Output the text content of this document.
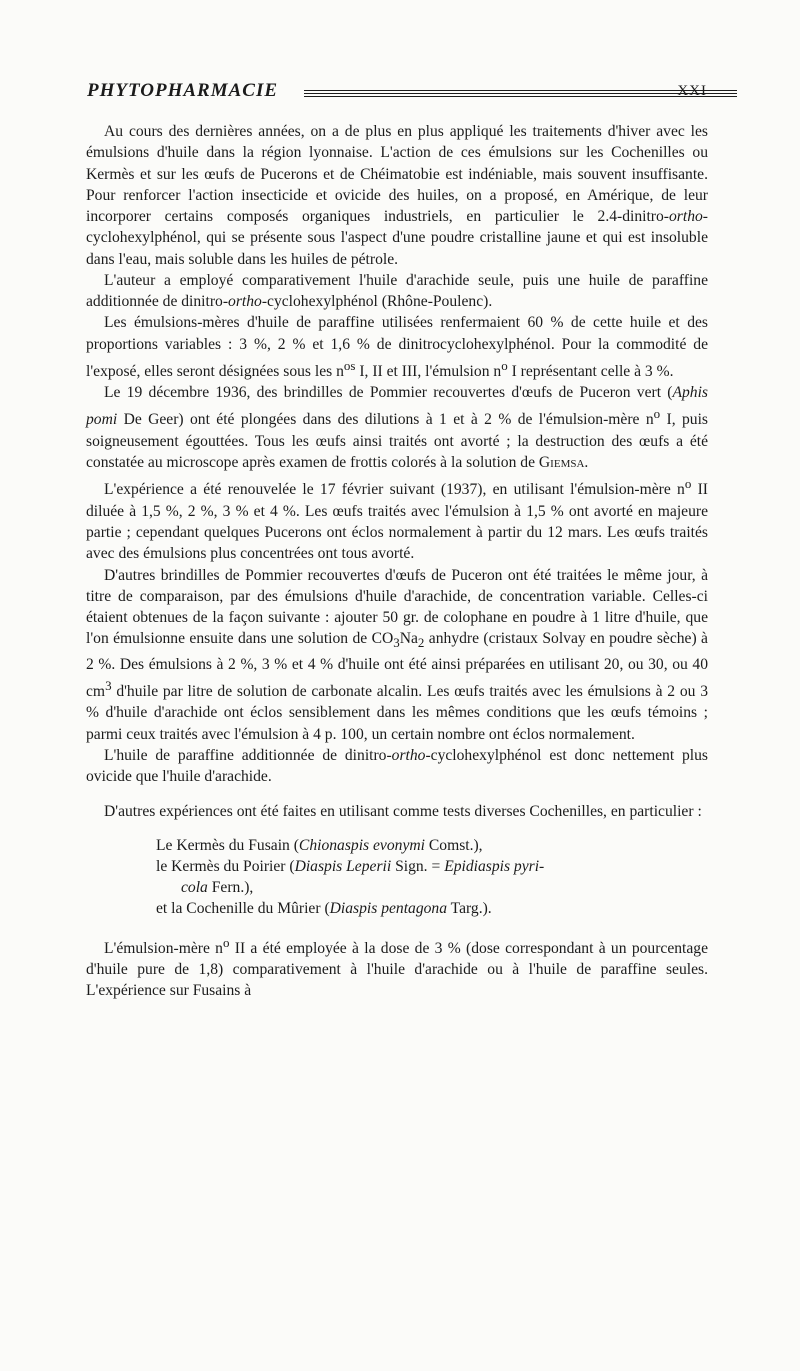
PHYTOPHARMACIE	XXI

Au cours des dernières années, on a de plus en plus appliqué les traitements d'hiver avec les émulsions d'huile dans la région lyonnaise. L'action de ces émulsions sur les Cochenilles ou Kermès et sur les œufs de Pucerons et de Chéimatobie est indéniable, mais souvent insuffisante. Pour renforcer l'action insecticide et ovicide des huiles, on a proposé, en Amérique, de leur incorporer certains composés organiques industriels, en particulier le 2.4-dinitro-ortho-cyclohexylphénol, qui se présente sous l'aspect d'une poudre cristalline jaune et qui est insoluble dans l'eau, mais soluble dans les huiles de pétrole.

L'auteur a employé comparativement l'huile d'arachide seule, puis une huile de paraffine additionnée de dinitro-ortho-cyclohexylphénol (Rhône-Poulenc).

Les émulsions-mères d'huile de paraffine utilisées renfermaient 60 % de cette huile et des proportions variables : 3 %, 2 % et 1,6 % de dinitrocyclohexylphénol. Pour la commodité de l'exposé, elles seront désignées sous les $n^{os}$ I, II et III, l'émulsion $n^o$ I représentant celle à 3 %.

Le 19 décembre 1936, des brindilles de Pommier recouvertes d'œufs de Puceron vert (Aphis pomi De Geer) ont été plongées dans des dilutions à 1 et à 2 % de l'émulsion-mère $n^o$ I, puis soigneusement égouttées. Tous les œufs ainsi traités ont avorté ; la destruction des œufs a été constatée au microscope après examen de frottis colorés à la solution de Giemsa.

L'expérience a été renouvelée le 17 février suivant (1937), en utilisant l'émulsion-mère $n^o$ II diluée à 1,5 %, 2 %, 3 % et 4 %. Les œufs traités avec l'émulsion à 1,5 % ont avorté en majeure partie ; cependant quelques Pucerons ont éclos normalement à partir du 12 mars. Les œufs traités avec des émulsions plus concentrées ont tous avorté.

D'autres brindilles de Pommier recouvertes d'œufs de Puceron ont été traitées le même jour, à titre de comparaison, par des émulsions d'huile d'arachide, de concentration variable. Celles-ci étaient obtenues de la façon suivante : ajouter 50 gr. de colophane en poudre à 1 litre d'huile, que l'on émulsionne ensuite dans une solution de $CO_3Na_2$ anhydre (cristaux Solvay en poudre sèche) à 2 %. Des émulsions à 2 %, 3 % et 4 % d'huile ont été ainsi préparées en utilisant 20, ou 30, ou 40 $cm^3$ d'huile par litre de solution de carbonate alcalin. Les œufs traités avec les émulsions à 2 ou 3 % d'huile d'arachide ont éclos sensiblement dans les mêmes conditions que les œufs témoins ; parmi ceux traités avec l'émulsion à 4 p. 100, un certain nombre ont éclos normalement.

L'huile de paraffine additionnée de dinitro-ortho-cyclohexylphénol est donc nettement plus ovicide que l'huile d'arachide.

D'autres expériences ont été faites en utilisant comme tests diverses Cochenilles, en particulier :

Le Kermès du Fusain (Chionaspis evonymi Comst.),
le Kermès du Poirier (Diaspis Leperii Sign. = Epidiaspis pyri-
cola Fern.),
et la Cochenille du Mûrier (Diaspis pentagona Targ.).

L'émulsion-mère $n^o$ II a été employée à la dose de 3 % (dose correspondant à un pourcentage d'huile pure de 1,8) comparativement à l'huile d'arachide ou à l'huile de paraffine seules. L'expérience sur Fusains à
